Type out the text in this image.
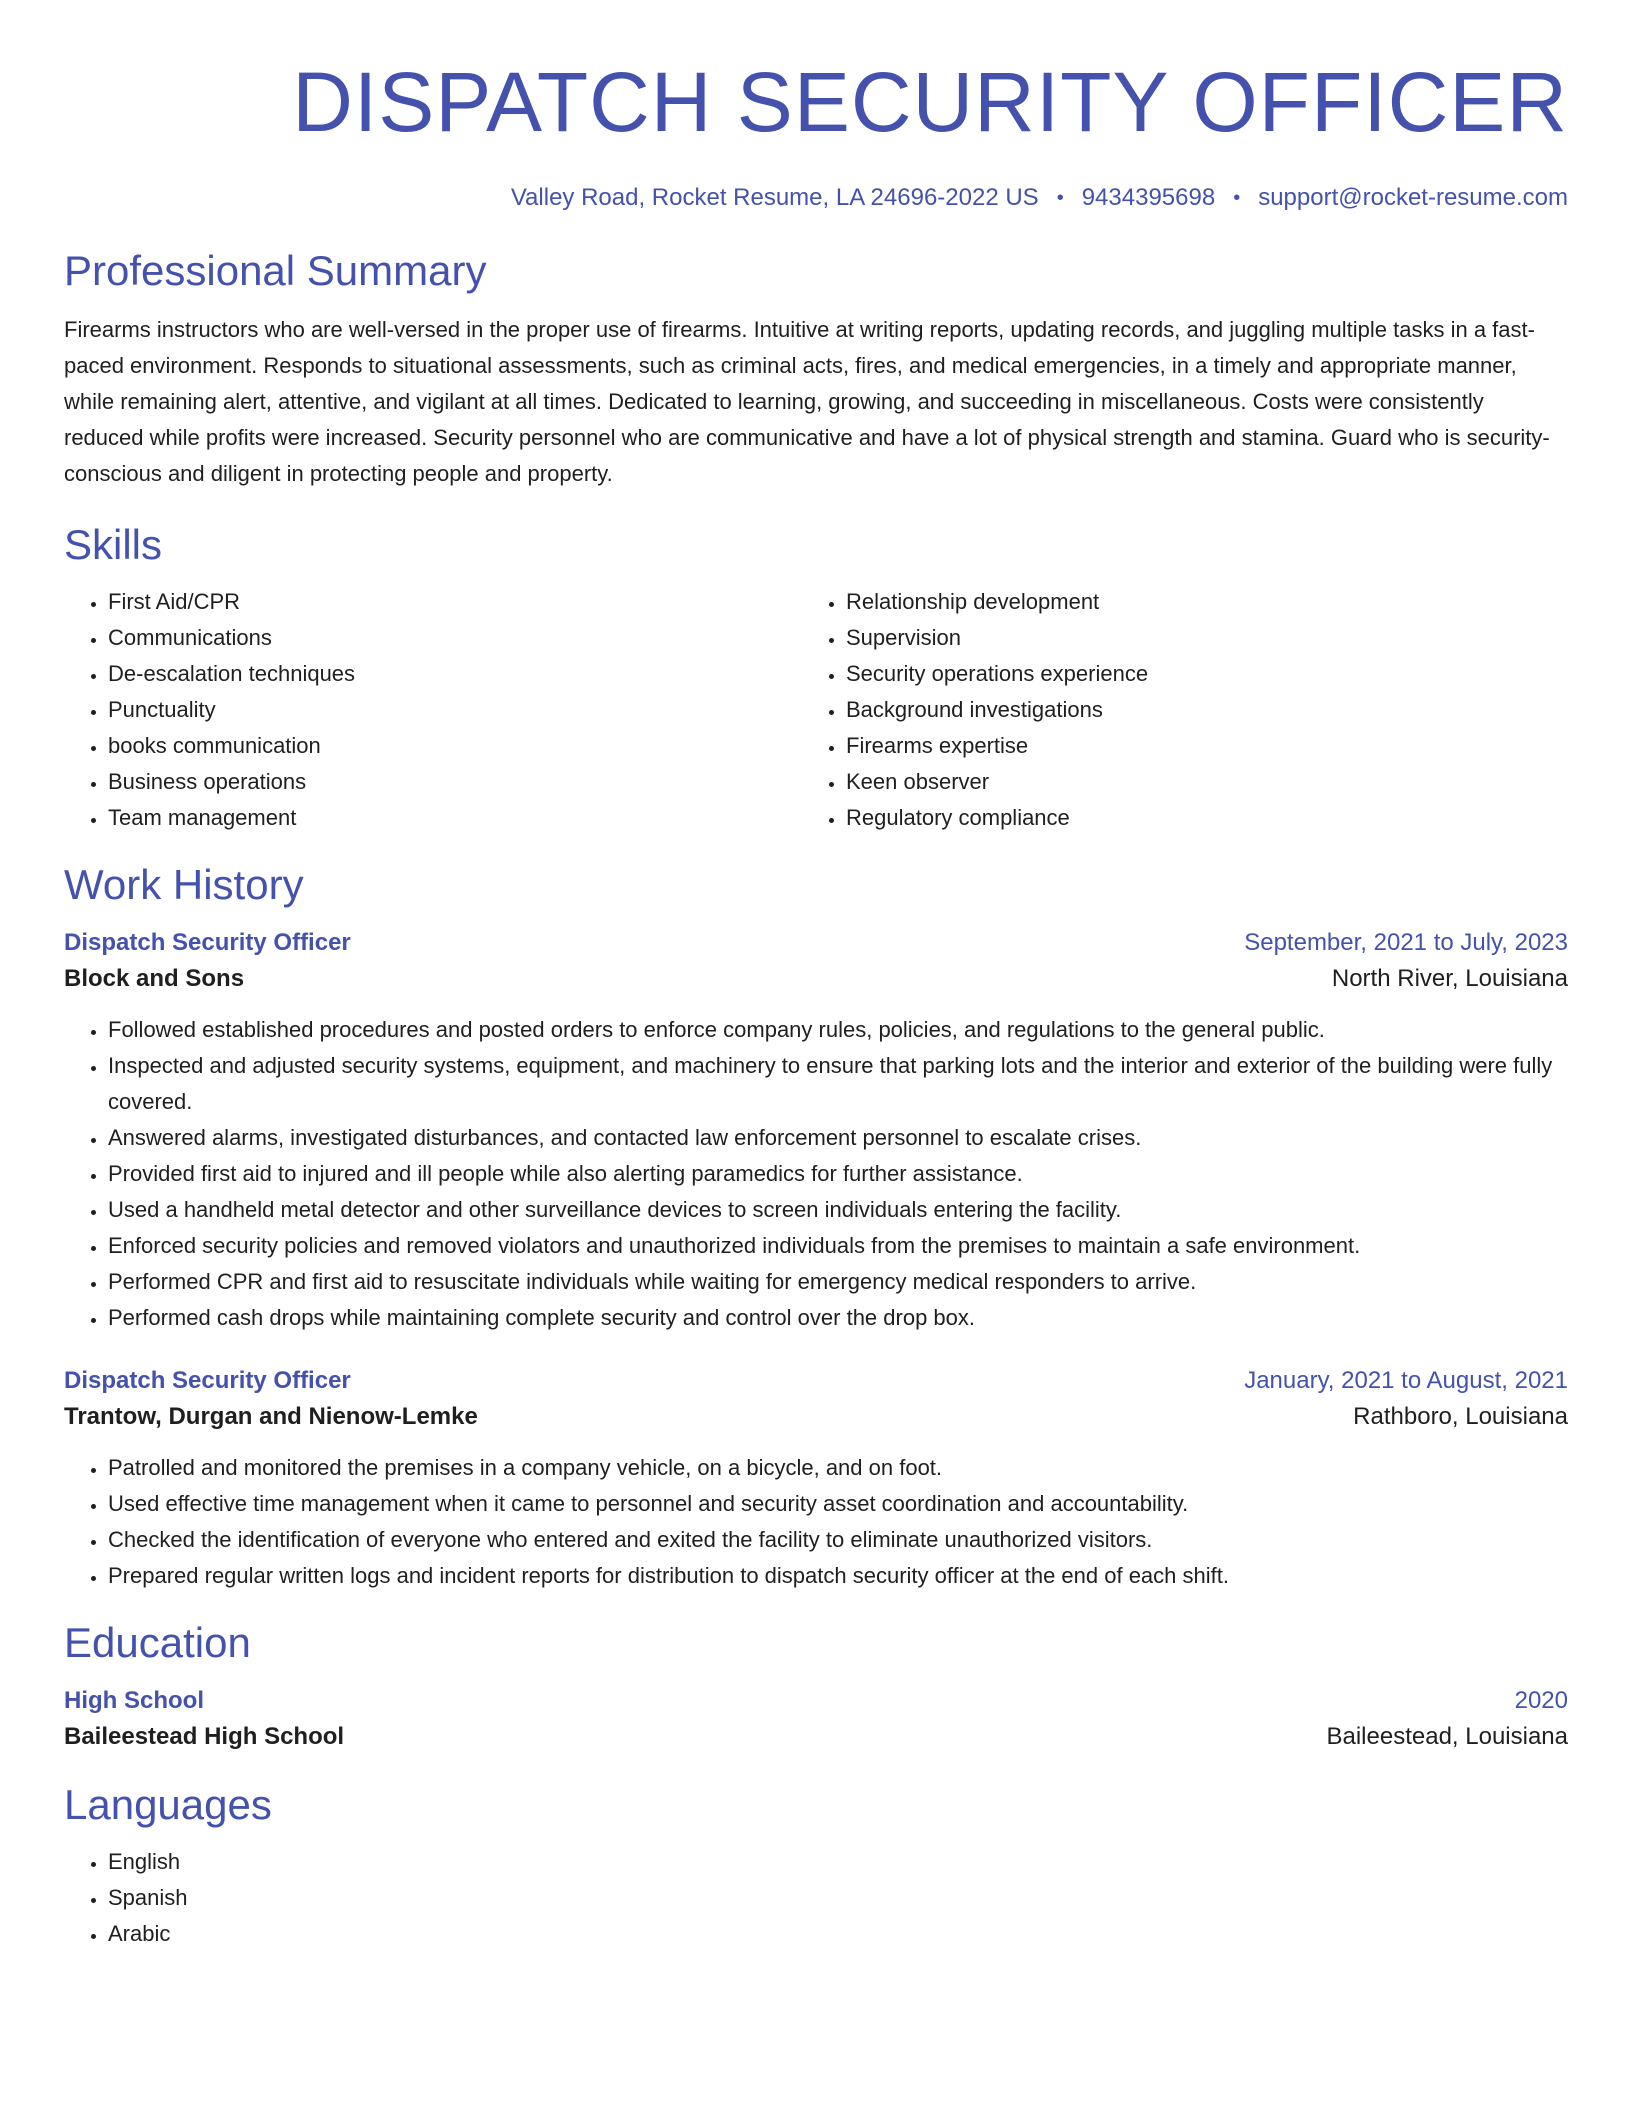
DISPATCH SECURITY OFFICER
Valley Road, Rocket Resume, LA 24696-2022 US • 9434395698 • support@rocket-resume.com
Professional Summary

Firearms instructors who are well-versed in the proper use of firearms. Intuitive at writing reports, updating records, and juggling multiple tasks in a fast-paced environment. Responds to situational assessments, such as criminal acts, fires, and medical emergencies, in a timely and appropriate manner, while remaining alert, attentive, and vigilant at all times. Dedicated to learning, growing, and succeeding in miscellaneous. Costs were consistently reduced while profits were increased. Security personnel who are communicative and have a lot of physical strength and stamina. Guard who is security-conscious and diligent in protecting people and property.

Skills
• First Aid/CPR
• Communications
• De-escalation techniques
• Punctuality
• books communication
• Business operations
• Team management
• Relationship development
• Supervision
• Security operations experience
• Background investigations
• Firearms expertise
• Keen observer
• Regulatory compliance
Work History
Dispatch Security Officer	September, 2021 to July, 2023
Block and Sons	North River, Louisiana
• Followed established procedures and posted orders to enforce company rules, policies, and regulations to the general public.
• Inspected and adjusted security systems, equipment, and machinery to ensure that parking lots and the interior and exterior of the building were fully covered.
• Answered alarms, investigated disturbances, and contacted law enforcement personnel to escalate crises.
• Provided first aid to injured and ill people while also alerting paramedics for further assistance.
• Used a handheld metal detector and other surveillance devices to screen individuals entering the facility.
• Enforced security policies and removed violators and unauthorized individuals from the premises to maintain a safe environment.
• Performed CPR and first aid to resuscitate individuals while waiting for emergency medical responders to arrive.
• Performed cash drops while maintaining complete security and control over the drop box.
Dispatch Security Officer	January, 2021 to August, 2021
Trantow, Durgan and Nienow-Lemke	Rathboro, Louisiana
• Patrolled and monitored the premises in a company vehicle, on a bicycle, and on foot.
• Used effective time management when it came to personnel and security asset coordination and accountability.
• Checked the identification of everyone who entered and exited the facility to eliminate unauthorized visitors.
• Prepared regular written logs and incident reports for distribution to dispatch security officer at the end of each shift.
Education
High School	2020
Baileestead High School	Baileestead, Louisiana
Languages
• English
• Spanish
• Arabic
